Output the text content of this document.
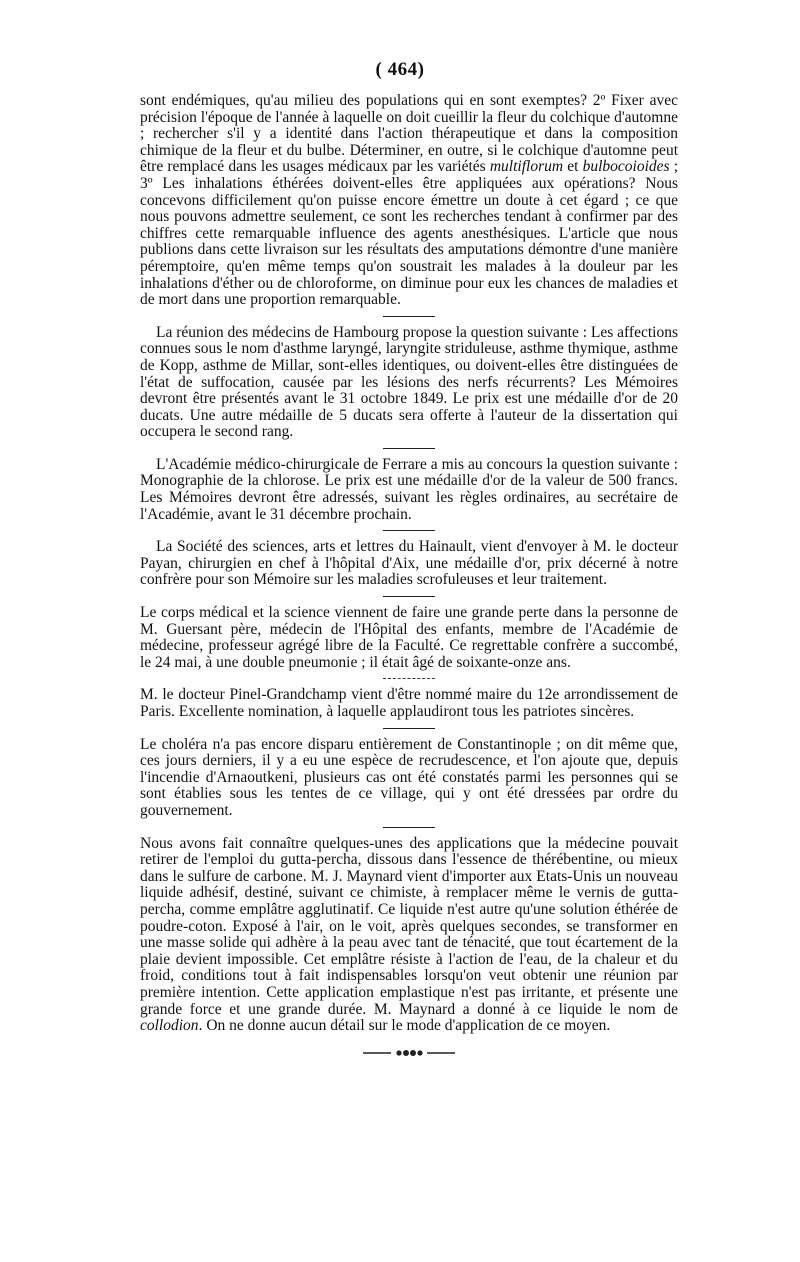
( 464)

sont endémiques, qu'au milieu des populations qui en sont exemptes? 2º Fixer avec précision l'époque de l'année à laquelle on doit cueillir la fleur du colchique d'automne ; rechercher s'il y a identité dans l'action thérapeutique et dans la composition chimique de la fleur et du bulbe. Déterminer, en outre, si le colchique d'automne peut être remplacé dans les usages médicaux par les variétés multiflorum et bulbocoioides ; 3º Les inhalations éthérées doivent-elles être appliquées aux opérations? Nous concevons difficilement qu'on puisse encore émettre un doute à cet égard ; ce que nous pouvons admettre seulement, ce sont les recherches tendant à confirmer par des chiffres cette remarquable influence des agents anesthésiques. L'article que nous publions dans cette livraison sur les résultats des amputations démontre d'une manière péremptoire, qu'en même temps qu'on soustrait les malades à la douleur par les inhalations d'éther ou de chloroforme, on diminue pour eux les chances de maladies et de mort dans une proportion remarquable.

La réunion des médecins de Hambourg propose la question suivante : Les affections connues sous le nom d'asthme laryngé, laryngite striduleuse, asthme thymique, asthme de Kopp, asthme de Millar, sont-elles identiques, ou doivent-elles être distinguées de l'état de suffocation, causée par les lésions des nerfs récurrents? Les Mémoires devront être présentés avant le 31 octobre 1849. Le prix est une médaille d'or de 20 ducats. Une autre médaille de 5 ducats sera offerte à l'auteur de la dissertation qui occupera le second rang.

L'Académie médico-chirurgicale de Ferrare a mis au concours la question suivante : Monographie de la chlorose. Le prix est une médaille d'or de la valeur de 500 francs. Les Mémoires devront être adressés, suivant les règles ordinaires, au secrétaire de l'Académie, avant le 31 décembre prochain.

La Société des sciences, arts et lettres du Hainault, vient d'envoyer à M. le docteur Payan, chirurgien en chef à l'hôpital d'Aix, une médaille d'or, prix décerné à notre confrère pour son Mémoire sur les maladies scrofuleuses et leur traitement.

Le corps médical et la science viennent de faire une grande perte dans la personne de M. Guersant père, médecin de l'Hôpital des enfants, membre de l'Académie de médecine, professeur agrégé libre de la Faculté. Ce regrettable confrère a succombé, le 24 mai, à une double pneumonie ; il était âgé de soixante-onze ans.

M. le docteur Pinel-Grandchamp vient d'être nommé maire du 12e arrondissement de Paris. Excellente nomination, à laquelle applaudiront tous les patriotes sincères.

Le choléra n'a pas encore disparu entièrement de Constantinople ; on dit même que, ces jours derniers, il y a eu une espèce de recrudescence, et l'on ajoute que, depuis l'incendie d'Arnaoutkeni, plusieurs cas ont été constatés parmi les personnes qui se sont établies sous les tentes de ce village, qui y ont été dressées par ordre du gouvernement.

Nous avons fait connaître quelques-unes des applications que la médecine pouvait retirer de l'emploi du gutta-percha, dissous dans l'essence de thérébentine, ou mieux dans le sulfure de carbone. M. J. Maynard vient d'importer aux Etats-Unis un nouveau liquide adhésif, destiné, suivant ce chimiste, à remplacer même le vernis de gutta-percha, comme emplâtre agglutinatif. Ce liquide n'est autre qu'une solution éthérée de poudre-coton. Exposé à l'air, on le voit, après quelques secondes, se transformer en une masse solide qui adhère à la peau avec tant de ténacité, que tout écartement de la plaie devient impossible. Cet emplâtre résiste à l'action de l'eau, de la chaleur et du froid, conditions tout à fait indispensables lorsqu'on veut obtenir une réunion par première intention. Cette application emplastique n'est pas irritante, et présente une grande force et une grande durée. M. Maynard a donné à ce liquide le nom de collodion. On ne donne aucun détail sur le mode d'application de ce moyen.
